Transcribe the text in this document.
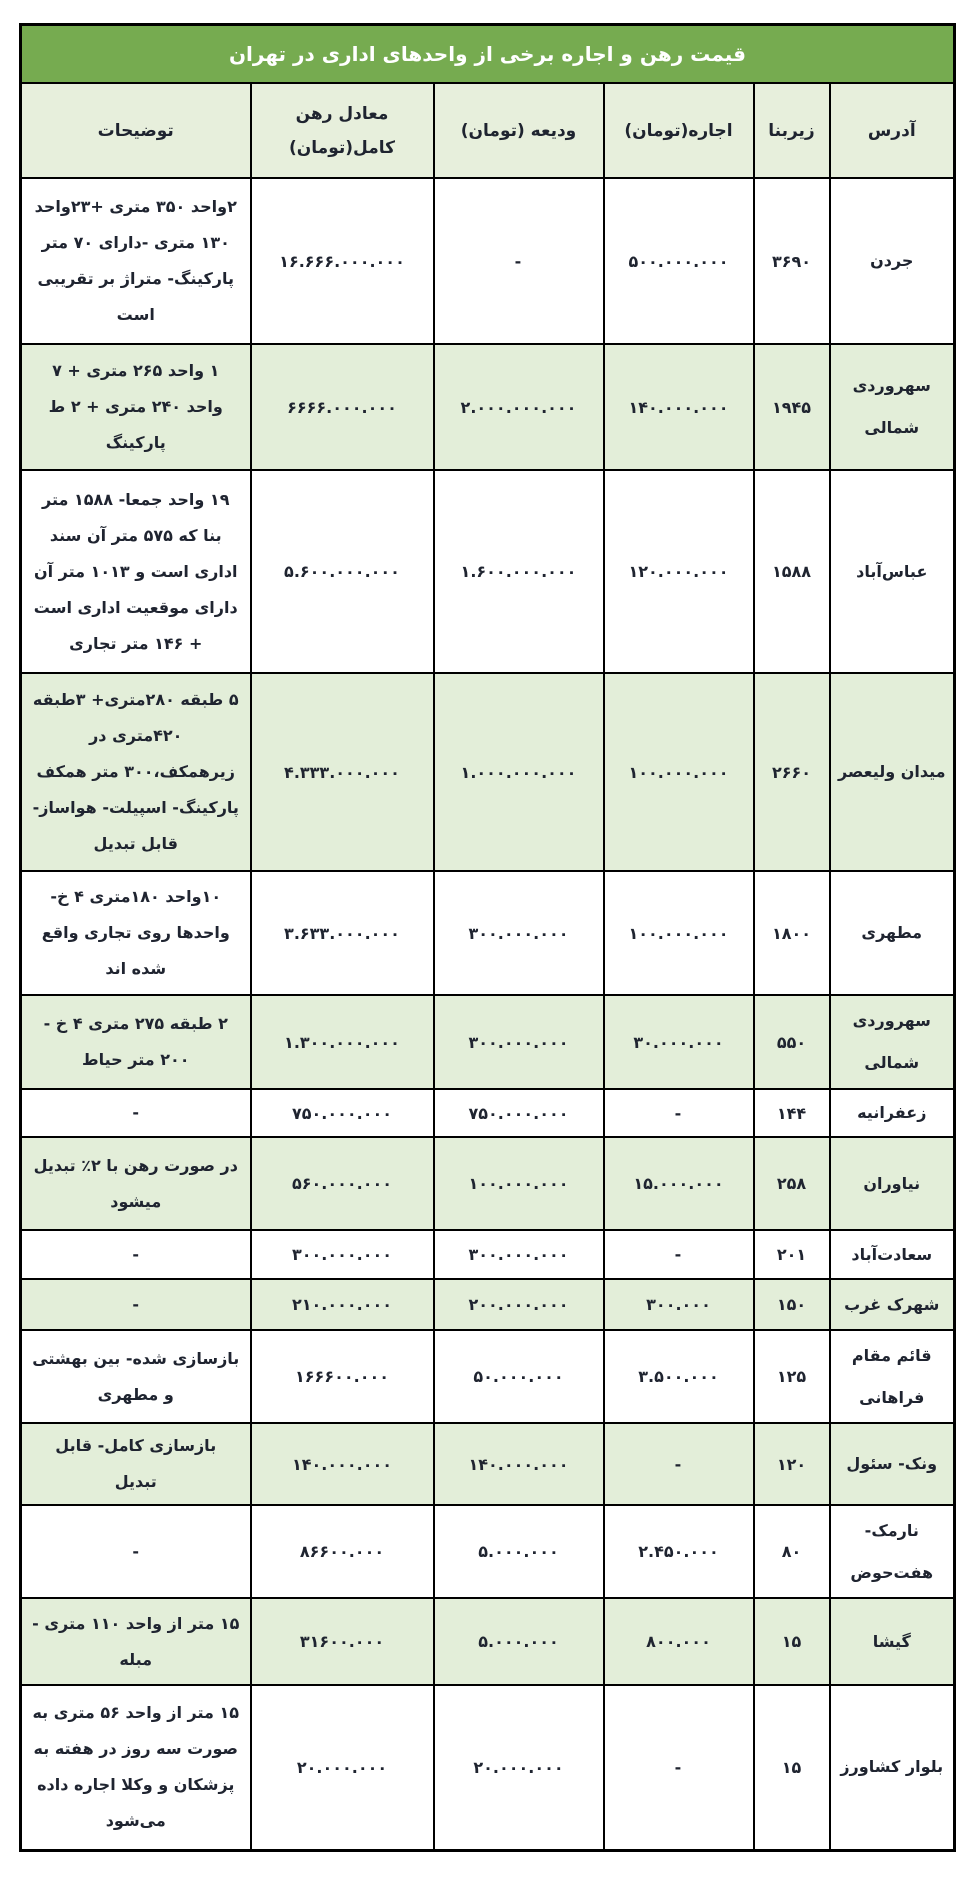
قیمت رهن و اجاره برخی از واحدهای اداری در تهران					
آدرس	زیربنا	اجاره(تومان)	ودیعه (تومان)	معادل رهن کامل(تومان)	توضیحات
جردن	۳۶۹۰	۵۰۰.۰۰۰.۰۰۰	-	۱۶.۶۶۶.۰۰۰.۰۰۰	۲واحد ۳۵۰ متری +۲۳واحد ۱۳۰ متری -دارای ۷۰ متر پارکینگ- متراژ بر تقریبی است
سهروردی شمالی	۱۹۴۵	۱۴۰.۰۰۰.۰۰۰	۲.۰۰۰.۰۰۰.۰۰۰	۶۶۶۶.۰۰۰.۰۰۰	۱ واحد ۲۶۵ متری + ۷ واحد ۲۴۰ متری + ۲ ط پارکینگ
عباس‌آباد	۱۵۸۸	۱۲۰.۰۰۰.۰۰۰	۱.۶۰۰.۰۰۰.۰۰۰	۵.۶۰۰.۰۰۰.۰۰۰	۱۹ واحد جمعا- ۱۵۸۸ متر بنا که ۵۷۵ متر آن سند اداری است و ۱۰۱۳ متر آن دارای موقعیت اداری است + ۱۴۶ متر تجاری
میدان ولیعصر	۲۶۶۰	۱۰۰.۰۰۰.۰۰۰	۱.۰۰۰.۰۰۰.۰۰۰	۴.۳۳۳.۰۰۰.۰۰۰	۵ طبقه ۲۸۰متری+ ۳طبقه ۴۲۰متری در زیرهمکف،۳۰۰ متر همکف پارکینگ- اسپیلت- هواساز- قابل تبدیل
مطهری	۱۸۰۰	۱۰۰.۰۰۰.۰۰۰	۳۰۰.۰۰۰.۰۰۰	۳.۶۳۳.۰۰۰.۰۰۰	۱۰واحد ۱۸۰متری ۴ خ- واحدها روی تجاری واقع شده اند
سهروردی شمالی	۵۵۰	۳۰.۰۰۰.۰۰۰	۳۰۰.۰۰۰.۰۰۰	۱.۳۰۰.۰۰۰.۰۰۰	۲ طبقه ۲۷۵ متری ۴ خ - ۲۰۰ متر حیاط
زعفرانیه	۱۴۴	-	۷۵۰.۰۰۰.۰۰۰	۷۵۰.۰۰۰.۰۰۰	-
نیاوران	۲۵۸	۱۵.۰۰۰.۰۰۰	۱۰۰.۰۰۰.۰۰۰	۵۶۰.۰۰۰.۰۰۰	در صورت رهن با ۲٪ تبدیل میشود
سعادت‌آباد	۲۰۱	-	۳۰۰.۰۰۰.۰۰۰	۳۰۰.۰۰۰.۰۰۰	-
شهرک غرب	۱۵۰	۳۰۰.۰۰۰	۲۰۰.۰۰۰.۰۰۰	۲۱۰.۰۰۰.۰۰۰	-
قائم مقام فراهانی	۱۲۵	۳.۵۰۰.۰۰۰	۵۰.۰۰۰.۰۰۰	۱۶۶۶۰۰.۰۰۰	بازسازی شده- بین بهشتی و مطهری
ونک- سئول	۱۲۰	-	۱۴۰.۰۰۰.۰۰۰	۱۴۰.۰۰۰.۰۰۰	بازسازی کامل- قابل تبدیل
نارمک- هفت‌حوض	۸۰	۲.۴۵۰.۰۰۰	۵.۰۰۰.۰۰۰	۸۶۶۰۰.۰۰۰	-
گیشا	۱۵	۸۰۰.۰۰۰	۵.۰۰۰.۰۰۰	۳۱۶۰۰.۰۰۰	۱۵ متر از واحد ۱۱۰ متری - مبله
بلوار کشاورز	۱۵	-	۲۰.۰۰۰.۰۰۰	۲۰.۰۰۰.۰۰۰	۱۵ متر از واحد ۵۶ متری به صورت سه روز در هفته به پزشکان و وکلا اجاره داده می‌شود
